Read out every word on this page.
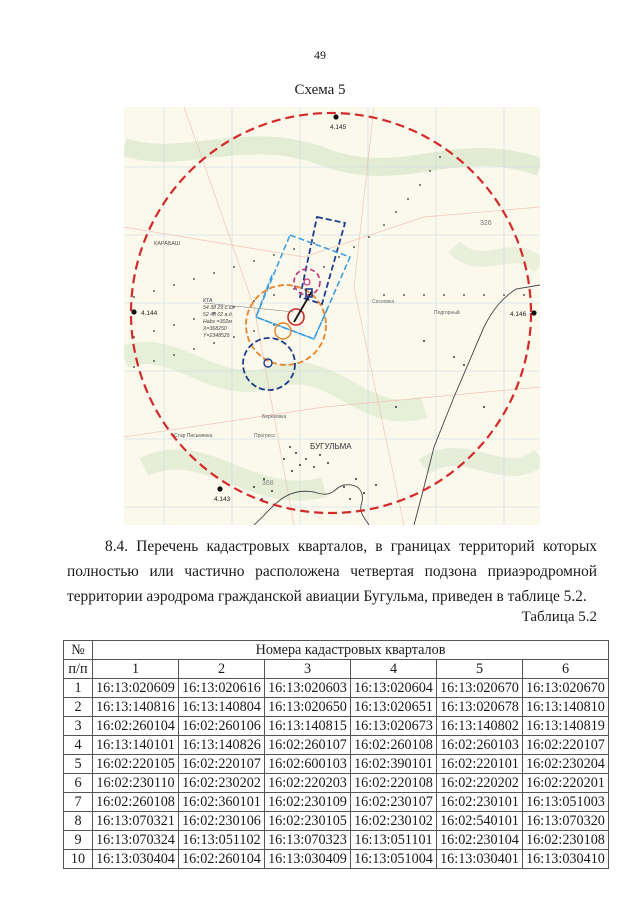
49
Схема 5
4.145
4.144	4.146
4.143
КТА
54 38 29 с.ш.
52 48 02 в.д.
Нabs =302м
X=368250
Y=2348525
БУГУЛЬМА
КАРАБАШ
Березовка
Прогресс
Сосновка
Подгорный
Стар Письмянка
326
368
8.4. Перечень кадастровых кварталов, в границах территорий которых полностью или частично расположена четвертая подзона приаэродромной территории аэродрома гражданской авиации Бугульма, приведен в таблице 5.2.
Таблица 5.2
№	Номера кадастровых кварталов					
п/п	1	2	3	4	5	6
1	16:13:020609	16:13:020616	16:13:020603	16:13:020604	16:13:020670	16:13:020670
2	16:13:140816	16:13:140804	16:13:020650	16:13:020651	16:13:020678	16:13:140810
3	16:02:260104	16:02:260106	16:13:140815	16:13:020673	16:13:140802	16:13:140819
4	16:13:140101	16:13:140826	16:02:260107	16:02:260108	16:02:260103	16:02:220107
5	16:02:220105	16:02:220107	16:02:600103	16:02:390101	16:02:220101	16:02:230204
6	16:02:230110	16:02:230202	16:02:220203	16:02:220108	16:02:220202	16:02:220201
7	16:02:260108	16:02:360101	16:02:230109	16:02:230107	16:02:230101	16:13:051003
8	16:13:070321	16:02:230106	16:02:230105	16:02:230102	16:02:540101	16:13:070320
9	16:13:070324	16:13:051102	16:13:070323	16:13:051101	16:02:230104	16:02:230108
10	16:13:030404	16:02:260104	16:13:030409	16:13:051004	16:13:030401	16:13:030410
